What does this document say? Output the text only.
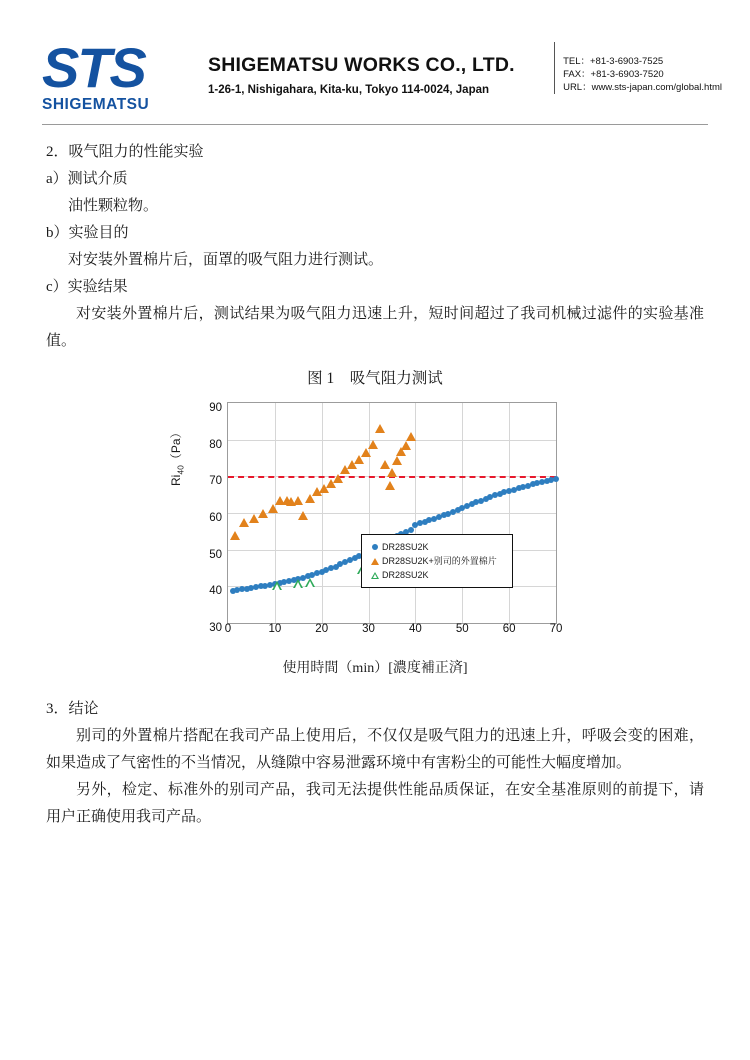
STS
SHIGEMATSU
SHIGEMATSU WORKS CO., LTD.
1-26-1, Nishigahara, Kita-ku, Tokyo 114-0024, Japan
TEL：+81-3-6903-7525
FAX：+81-3-6903-7520
URL：www.sts-japan.com/global.html

2．吸气阻力的性能实验

a）测试介质

油性颗粒物。

b）实验目的

对安装外置棉片后，面罩的吸气阻力进行测试。

c）实验结果

对安装外置棉片后，测试结果为吸气阻力迅速上升，短时间超过了我司机械过滤件的实验基准值。

图 1　吸气阻力测试
$Ri_{40}(Pa)$
30
40
50
60
70
80
90
0	10	20	30	40	50	60	70
使用時間（min）[濃度補正済]
DR28SU2K
DR28SU2K+别司的外置棉片
DR28SU2K

3．结论

别司的外置棉片搭配在我司产品上使用后，不仅仅是吸气阻力的迅速上升，呼吸会变的困难，如果造成了气密性的不当情况，从缝隙中容易泄露环境中有害粉尘的可能性大幅度增加。

另外，检定、标准外的别司产品，我司无法提供性能品质保证，在安全基准原则的前提下，请用户正确使用我司产品。
